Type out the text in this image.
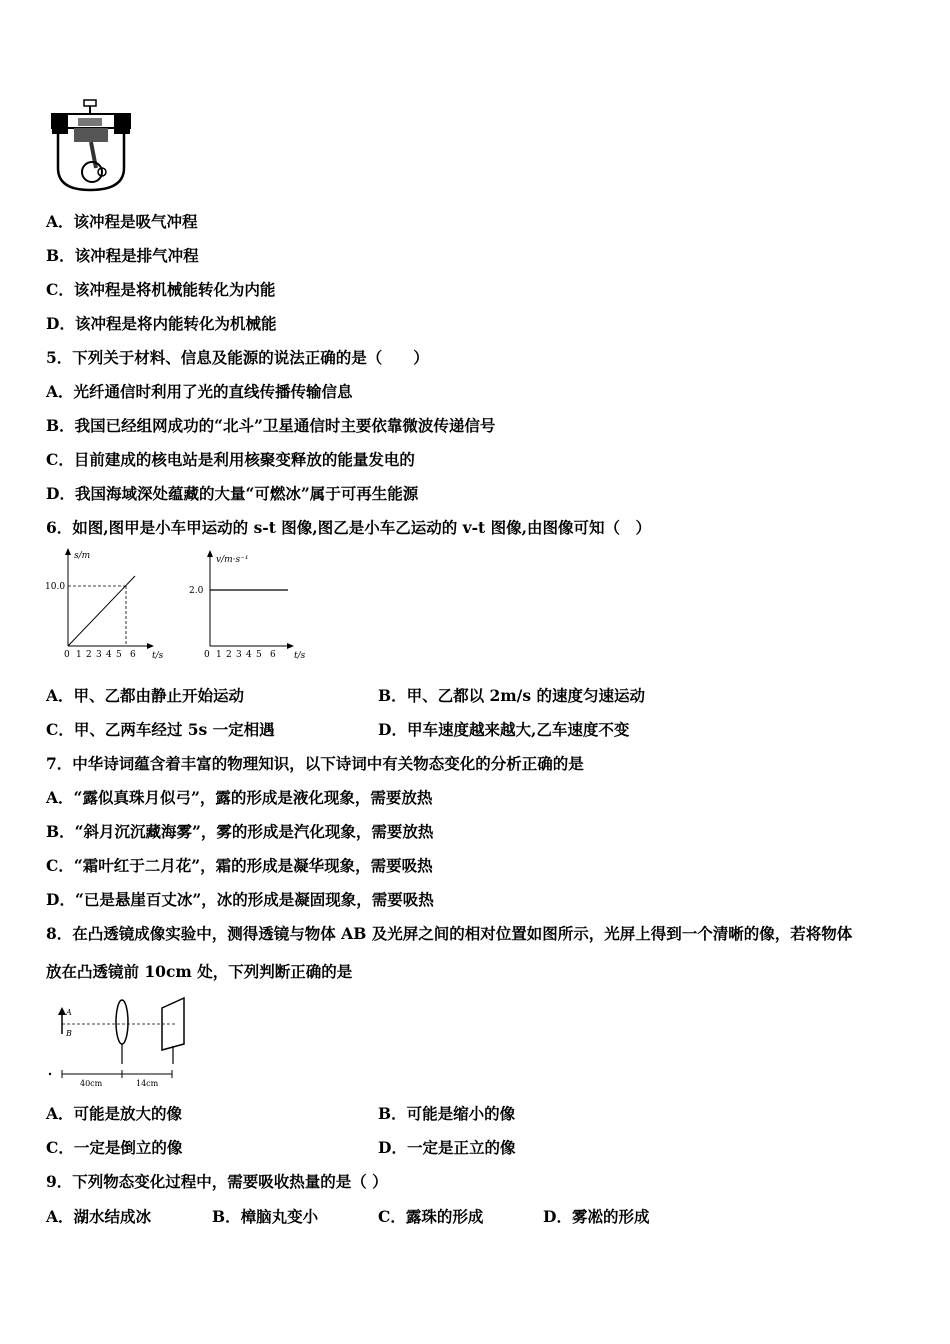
A．该冲程是吸气冲程
B．该冲程是排气冲程
C．该冲程是将机械能转化为内能
D．该冲程是将内能转化为机械能
5．下列关于材料、信息及能源的说法正确的是（　　）
A．光纤通信时利用了光的直线传播传输信息
B．我国已经组网成功的“北斗”卫星通信时主要依靠微波传递信号
C．目前建成的核电站是利用核聚变释放的能量发电的
D．我国海域深处蕴藏的大量“可燃冰”属于可再生能源
6．如图,图甲是小车甲运动的 s-t 图像,图乙是小车乙运动的 v-t 图像,由图像可知（　）
s/m
10.0
t/s
0 1 2 3 4 5 6
v/m·s⁻¹
2.0
t/s
0 1 2 3 4 5 6
A．甲、乙都由静止开始运动	B．甲、乙都以 2m/s 的速度匀速运动
C．甲、乙两车经过 5s 一定相遇	D．甲车速度越来越大,乙车速度不变
7．中华诗词蕴含着丰富的物理知识，以下诗词中有关物态变化的分析正确的是
A．“露似真珠月似弓”，露的形成是液化现象，需要放热
B．“斜月沉沉藏海雾”，雾的形成是汽化现象，需要放热
C．“霜叶红于二月花”，霜的形成是凝华现象，需要吸热
D．“已是悬崖百丈冰”，冰的形成是凝固现象，需要吸热
8．在凸透镜成像实验中，测得透镜与物体 AB 及光屏之间的相对位置如图所示，光屏上得到一个清晰的像，若将物体
放在凸透镜前 10cm 处，下列判断正确的是
A
B
40cm	14cm
A．可能是放大的像	B．可能是缩小的像
C．一定是倒立的像	D．一定是正立的像
9．下列物态变化过程中，需要吸收热量的是（ ）
A．湖水结成冰	B．樟脑丸变小	C．露珠的形成	D．雾凇的形成
